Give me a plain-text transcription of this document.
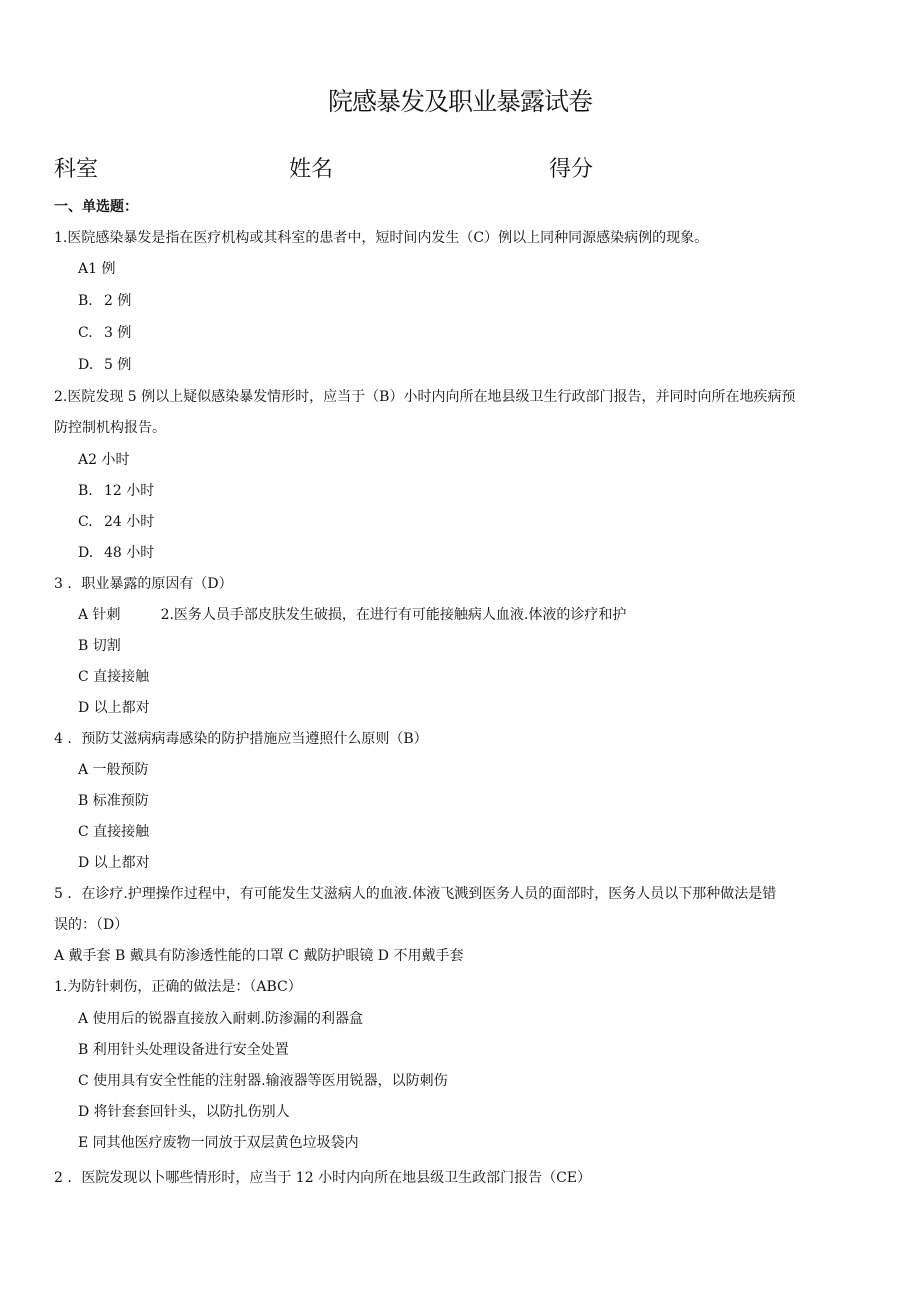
院感暴发及职业暴露试卷
科室	姓名	得分
一、单选题：
1.医院感染暴发是指在医疗机构或其科室的患者中，短时间内发生（C）例以上同种同源感染病例的现象。
A1 例
B. 2 例
C. 3 例
D. 5 例
2.医院发现 5 例以上疑似感染暴发情形时，应当于（B）小时内向所在地县级卫生行政部门报告，并同时向所在地疾病预
防控制机构报告。
A2 小时
B. 12 小时
C. 24 小时
D. 48 小时
3 ．职业暴露的原因有（D）
A 针刺	2.医务人员手部皮肤发生破损，在进行有可能接触病人血液.体液的诊疗和护
B 切割
C 直接接触
D 以上都对
4 ．预防艾滋病病毒感染的防护措施应当遵照什么原则（B）
A 一般预防
B 标准预防
C 直接接触
D 以上都对
5 ．在诊疗.护理操作过程中，有可能发生艾滋病人的血液.体液飞溅到医务人员的面部时，医务人员以下那种做法是错
误的：（D）
A 戴手套 B 戴具有防渗透性能的口罩 C 戴防护眼镜 D 不用戴手套
1.为防针刺伤，正确的做法是：（ABC）
A 使用后的锐器直接放入耐刺.防渗漏的利器盒
B 利用针头处理设备进行安全处置
C 使用具有安全性能的注射器.输液器等医用锐器，以防刺伤
D 将针套套回针头，以防扎伤别人
E 同其他医疗废物一同放于双层黄色垃圾袋内
2 ．医院发现以卜哪些情形时，应当于 12 小时内向所在地县级卫生政部门报告（CE）
